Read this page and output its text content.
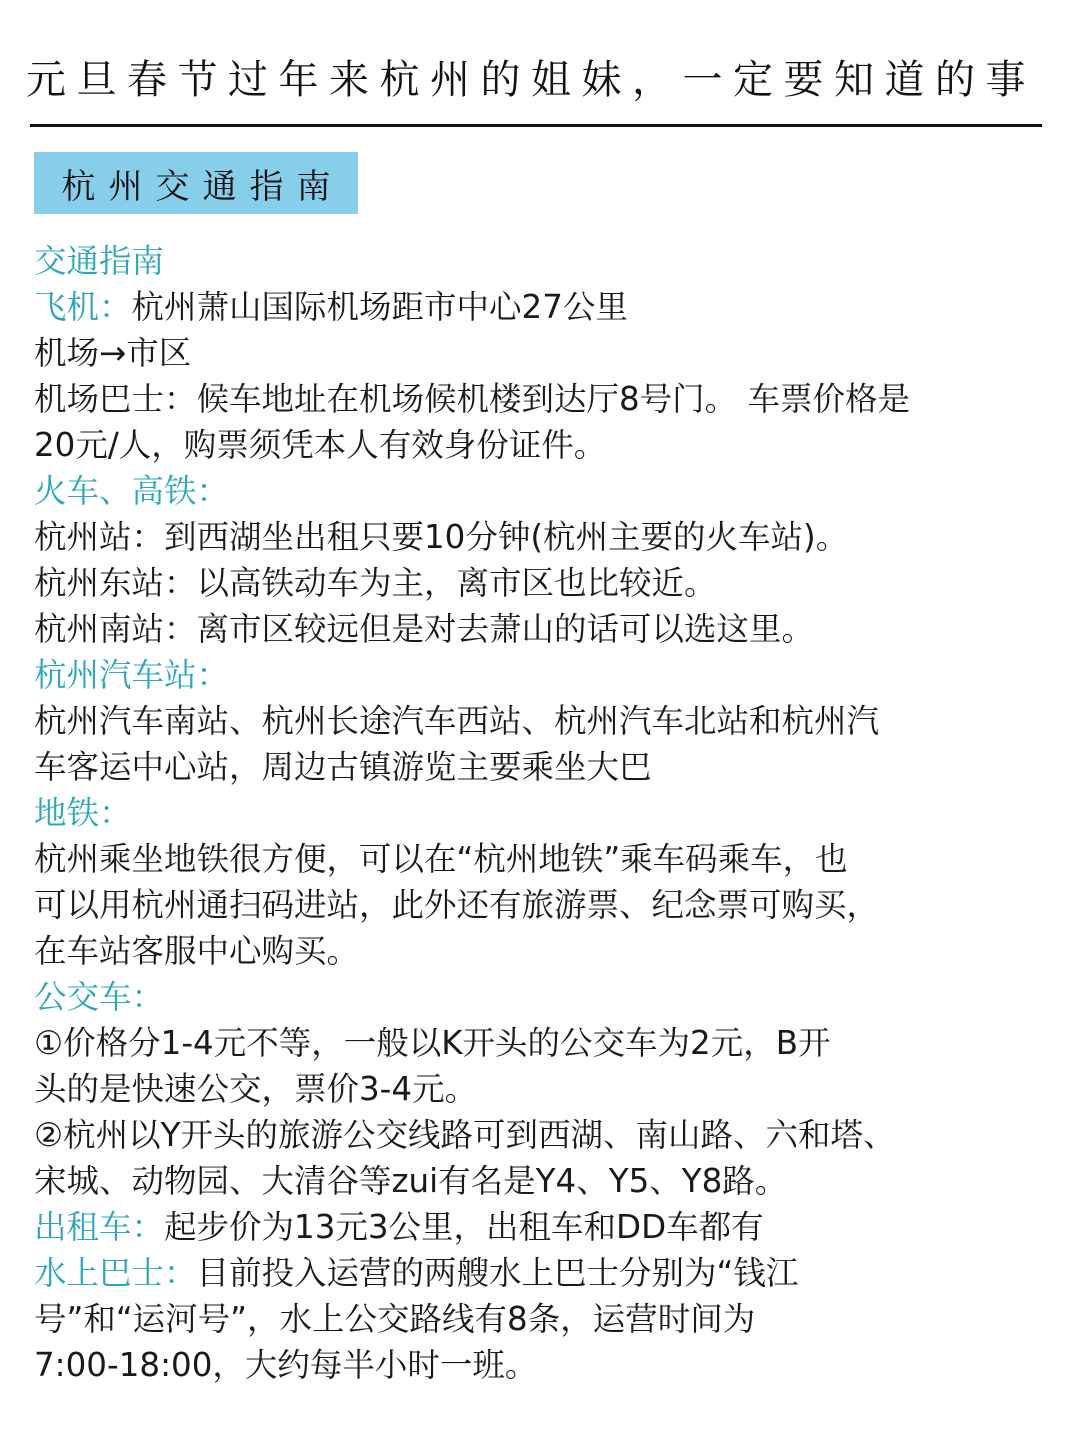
元旦春节过年来杭州的姐妹，一定要知道的事
杭州交通指南
交通指南
飞机：杭州萧山国际机场距市中心27公里
机场→市区
机场巴士：候车地址在机场候机楼到达厅8号门。 车票价格是
20元/人，购票须凭本人有效身份证件。
火车、高铁：
杭州站：到西湖坐出租只要10分钟(杭州主要的火车站)。
杭州东站：以高铁动车为主，离市区也比较近。
杭州南站：离市区较远但是对去萧山的话可以选这里。
杭州汽车站：
杭州汽车南站、杭州长途汽车西站、杭州汽车北站和杭州汽
车客运中心站，周边古镇游览主要乘坐大巴
地铁：
杭州乘坐地铁很方便，可以在“杭州地铁”乘车码乘车，也
可以用杭州通扫码进站，此外还有旅游票、纪念票可购买，
在车站客服中心购买。
公交车：
①价格分1-4元不等，一般以K开头的公交车为2元，B开
头的是快速公交，票价3-4元。
②杭州以Y开头的旅游公交线路可到西湖、南山路、六和塔、
宋城、动物园、大清谷等zui有名是Y4、Y5、Y8路。
出租车：起步价为13元3公里，出租车和DD车都有
水上巴士：目前投入运营的两艘水上巴士分别为“钱江
号”和“运河号”，水上公交路线有8条，运营时间为
7:00-18:00，大约每半小时一班。
